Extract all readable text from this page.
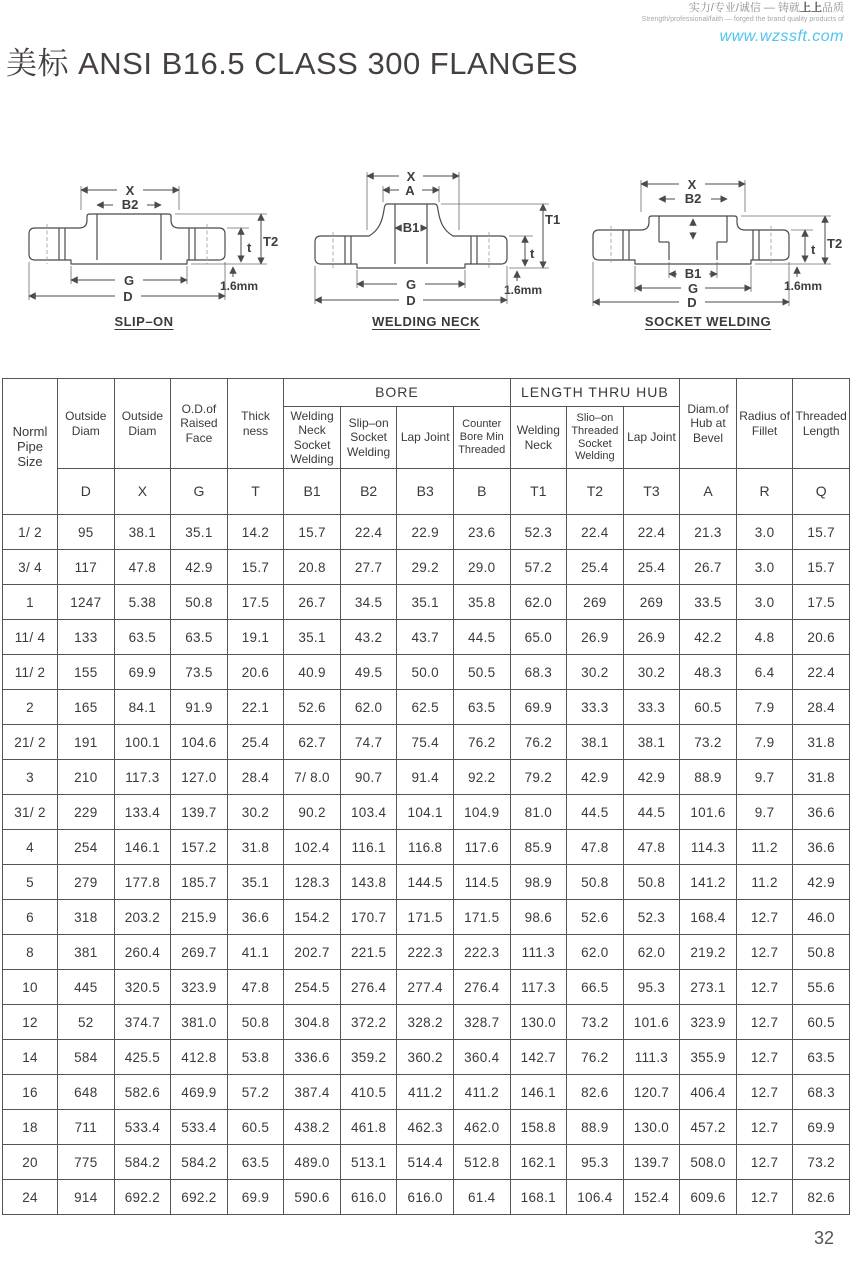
实力/专业/诚信 — 铸就上上品质
Strength/professional/faith — forged the brand quality products of
www.wzssft.com
美标 ANSI B16.5 CLASS 300 FLANGES
X
B2
t T2
1.6mm
G
D
SLIP–ON
X
A
B1
T1
t
1.6mm
G
D
WELDING NECK
X
B2
t T2
1.6mm
B1
G
D
SOCKET WELDING
Norml Pipe Size	Outside Diam	Outside Diam	O.D.of Raised Face	Thick ness	BORE				LENGTH THRU HUB			Diam.of Hub at Bevel	Radius of Fillet	Threaded Length
					Welding Neck Socket Welding	Slip–on Socket Welding	Lap Joint	Counter Bore Min Threaded	Welding Neck	Slio–on Threaded Socket Welding	Lap Joint			
	D	X	G	T	B1	B2	B3	B	T1	T2	T3	A	R	Q
1/ 2	95	38.1	35.1	14.2	15.7	22.4	22.9	23.6	52.3	22.4	22.4	21.3	3.0	15.7
3/ 4	117	47.8	42.9	15.7	20.8	27.7	29.2	29.0	57.2	25.4	25.4	26.7	3.0	15.7
1	1247	5.38	50.8	17.5	26.7	34.5	35.1	35.8	62.0	269	269	33.5	3.0	17.5
11/ 4	133	63.5	63.5	19.1	35.1	43.2	43.7	44.5	65.0	26.9	26.9	42.2	4.8	20.6
11/ 2	155	69.9	73.5	20.6	40.9	49.5	50.0	50.5	68.3	30.2	30.2	48.3	6.4	22.4
2	165	84.1	91.9	22.1	52.6	62.0	62.5	63.5	69.9	33.3	33.3	60.5	7.9	28.4
21/ 2	191	100.1	104.6	25.4	62.7	74.7	75.4	76.2	76.2	38.1	38.1	73.2	7.9	31.8
3	210	117.3	127.0	28.4	7/ 8.0	90.7	91.4	92.2	79.2	42.9	42.9	88.9	9.7	31.8
31/ 2	229	133.4	139.7	30.2	90.2	103.4	104.1	104.9	81.0	44.5	44.5	101.6	9.7	36.6
4	254	146.1	157.2	31.8	102.4	116.1	116.8	117.6	85.9	47.8	47.8	114.3	11.2	36.6
5	279	177.8	185.7	35.1	128.3	143.8	144.5	114.5	98.9	50.8	50.8	141.2	11.2	42.9
6	318	203.2	215.9	36.6	154.2	170.7	171.5	171.5	98.6	52.6	52.3	168.4	12.7	46.0
8	381	260.4	269.7	41.1	202.7	221.5	222.3	222.3	111.3	62.0	62.0	219.2	12.7	50.8
10	445	320.5	323.9	47.8	254.5	276.4	277.4	276.4	117.3	66.5	95.3	273.1	12.7	55.6
12	52	374.7	381.0	50.8	304.8	372.2	328.2	328.7	130.0	73.2	101.6	323.9	12.7	60.5
14	584	425.5	412.8	53.8	336.6	359.2	360.2	360.4	142.7	76.2	111.3	355.9	12.7	63.5
16	648	582.6	469.9	57.2	387.4	410.5	411.2	411.2	146.1	82.6	120.7	406.4	12.7	68.3
18	711	533.4	533.4	60.5	438.2	461.8	462.3	462.0	158.8	88.9	130.0	457.2	12.7	69.9
20	775	584.2	584.2	63.5	489.0	513.1	514.4	512.8	162.1	95.3	139.7	508.0	12.7	73.2
24	914	692.2	692.2	69.9	590.6	616.0	616.0	61.4	168.1	106.4	152.4	609.6	12.7	82.6
32
